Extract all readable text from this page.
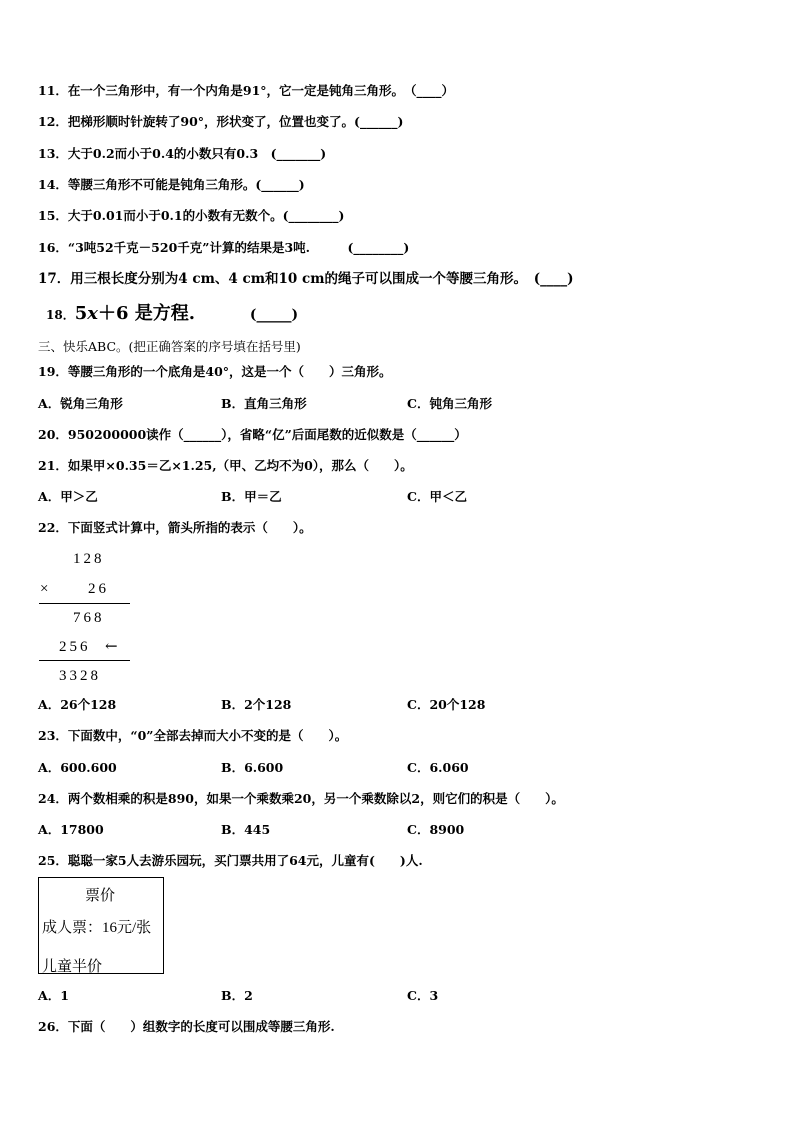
11．在一个三角形中，有一个内角是91°，它一定是钝角三角形。　（____）
12．把梯形顺时针旋转了90°，形状变了，位置也变了。(______)
13．大于0.2而小于0.4的小数只有0.3　(_______)
14．等腰三角形不可能是钝角三角形。(______)
15．大于0.01而小于0.1的小数有无数个。(________)
16．“3吨52千克－520千克”计算的结果是3吨.　　　(________)
17．用三根长度分别为4 cm、4 cm和10 cm的绳子可以围成一个等腰三角形。　(____)
18．5x＋6 是方程.	(_____)
三、快乐ABC。(把正确答案的序号填在括号里)
19．等腰三角形的一个底角是40°，这是一个（　　）三角形。
A．锐角三角形	B．直角三角形	C．钝角三角形
20．950200000读作（______），省略“亿”后面尾数的近似数是（______）
21．如果甲×0.35＝乙×1.25,（甲、乙均不为0），那么（　　）。
A．甲＞乙	B．甲＝乙	C．甲＜乙
22．下面竖式计算中，箭头所指的表示（　　）。
128
× 26
768
256 ←
3328
A．26个128	B．2个128	C．20个128
23．下面数中，“0”全部去掉而大小不变的是（　　）。
A．600.600	B．6.600	C．6.060
24．两个数相乘的积是890，如果一个乘数乘20，另一个乘数除以2，则它们的积是（　　）。
A．17800	B．445	C．8900
25．聪聪一家5人去游乐园玩，买门票共用了64元，儿童有(　　)人.
票价
成人票：16元/张
儿童半价
A．1	B．2	C．3
26．下面（　　）组数字的长度可以围成等腰三角形.
